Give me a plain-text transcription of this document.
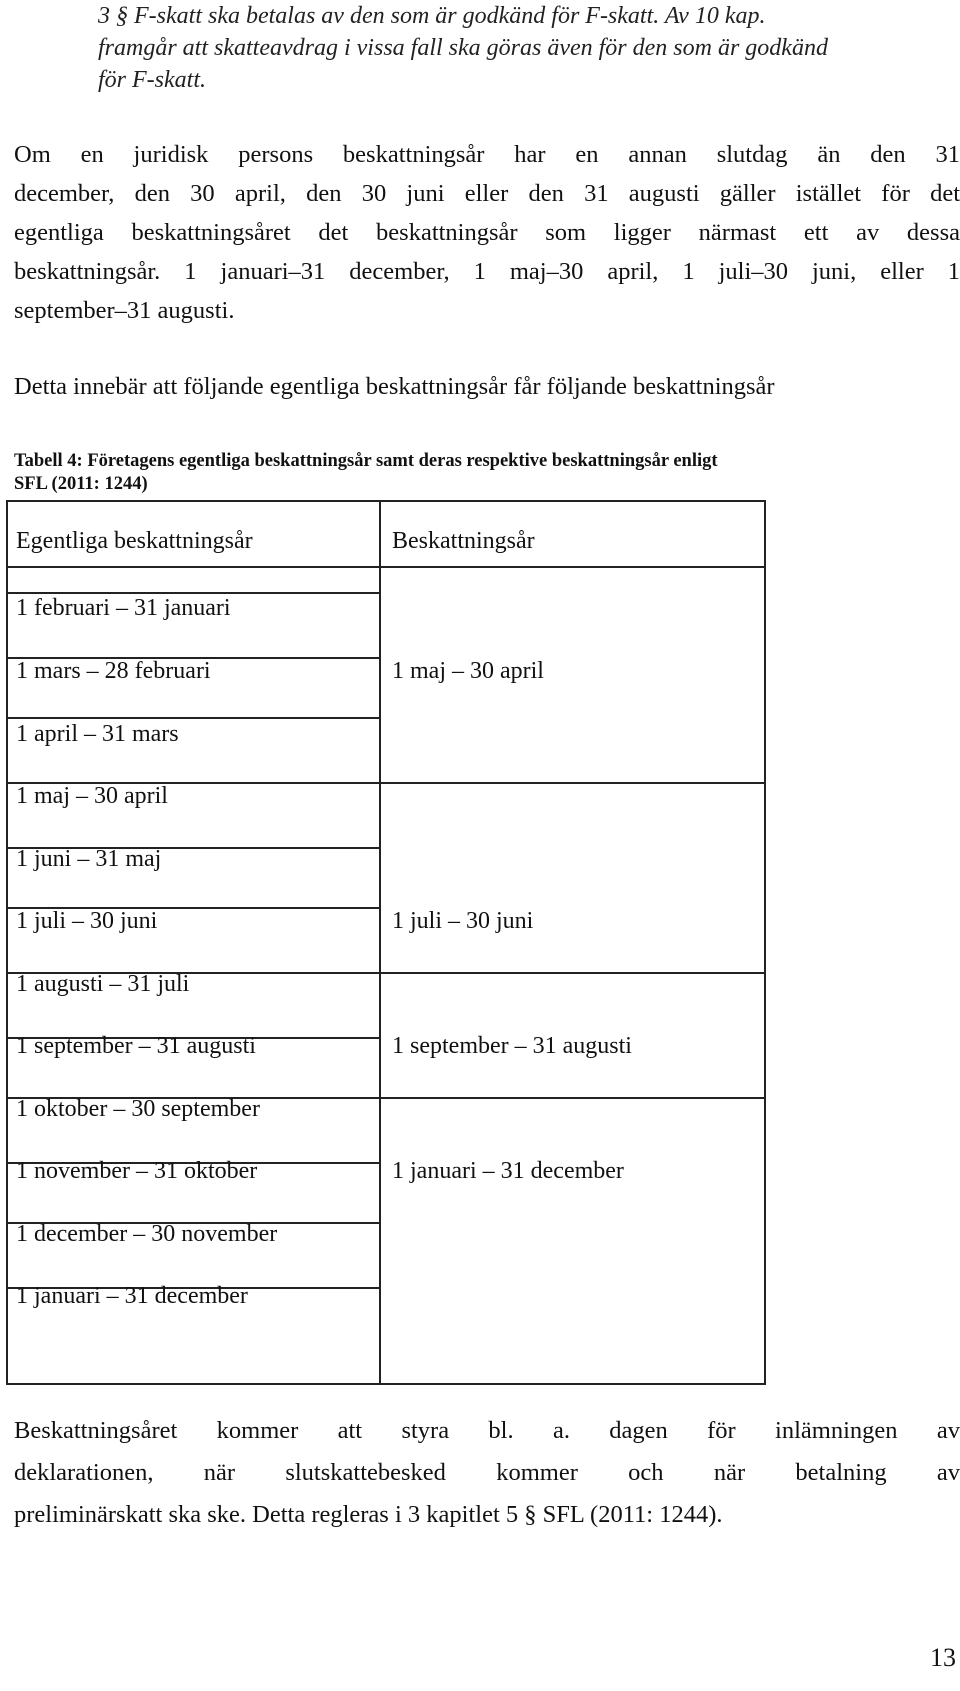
3 § F-skatt ska betalas av den som är godkänd för F-skatt. Av 10 kap.
framgår att skatteavdrag i vissa fall ska göras även för den som är godkänd
för F-skatt.
Om en juridisk persons beskattningsår har en annan slutdag än den 31
december, den 30 april, den 30 juni eller den 31 augusti gäller istället för det
egentliga beskattningsåret det beskattningsår som ligger närmast ett av dessa
beskattningsår. 1 januari–31 december, 1 maj–30 april, 1 juli–30 juni, eller 1
september–31 augusti.
Detta innebär att följande egentliga beskattningsår får följande beskattningsår
Tabell 4: Företagens egentliga beskattningsår samt deras respektive beskattningsår enligt
SFL (2011: 1244)
Egentliga beskattningsår	Beskattningsår
1 februari – 31 januari
1 mars – 28 februari
1 april – 31 mars
1 maj – 30 april
1 juni – 31 maj
1 juli – 30 juni
1 augusti – 31 juli
1 september – 31 augusti
1 oktober – 30 september
1 november – 31 oktober
1 december – 30 november
1 januari – 31 december
1 maj – 30 april
1 juli – 30 juni
1 september – 31 augusti
1 januari – 31 december
Beskattningsåret kommer att styra bl. a. dagen för inlämningen av
deklarationen, när slutskattebesked kommer och när betalning av
preliminärskatt ska ske. Detta regleras i 3 kapitlet 5 § SFL (2011: 1244).
13
